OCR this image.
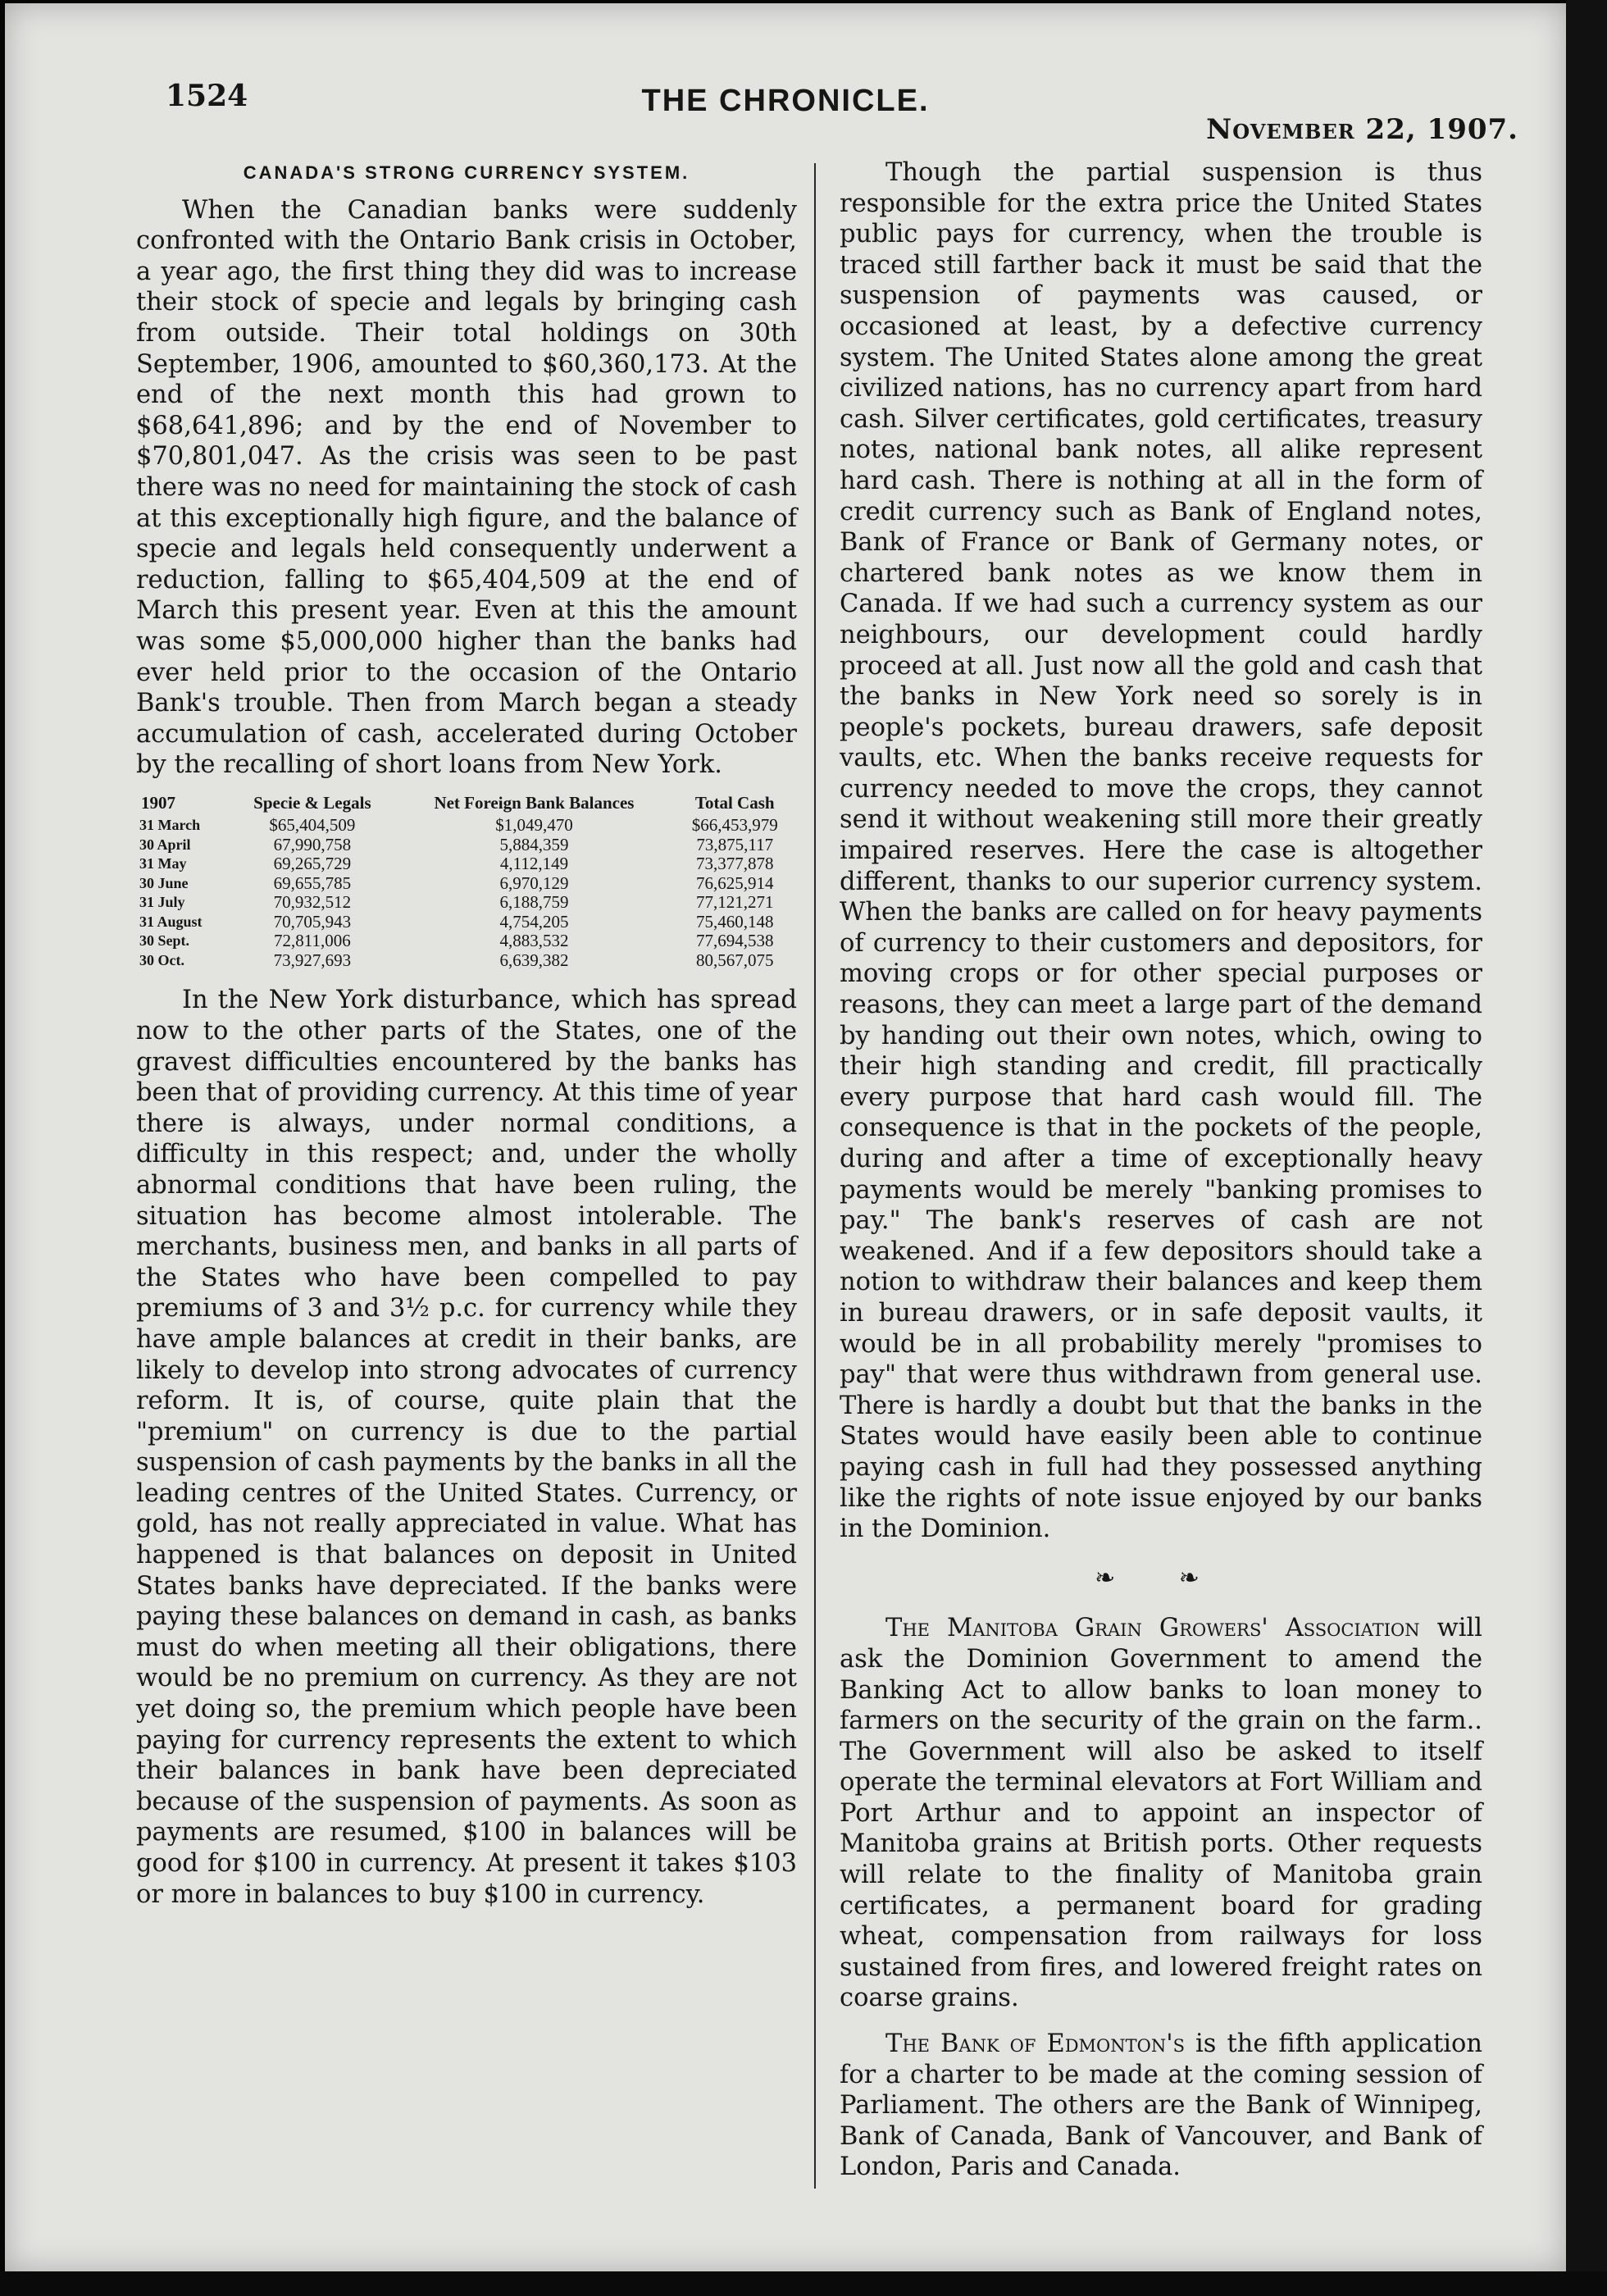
1524	THE CHRONICLE.
November 22, 1907.
CANADA'S STRONG CURRENCY SYSTEM.

When the Canadian banks were suddenly confronted with the Ontario Bank crisis in October, a year ago, the first thing they did was to increase their stock of specie and legals by bringing cash from outside. Their total holdings on 30th September, 1906, amounted to $60,360,173. At the end of the next month this had grown to $68,641,896; and by the end of November to $70,801,047. As the crisis was seen to be past there was no need for maintaining the stock of cash at this exceptionally high figure, and the balance of specie and legals held consequently underwent a reduction, falling to $65,404,509 at the end of March this present year. Even at this the amount was some $5,000,000 higher than the banks had ever held prior to the occasion of the Ontario Bank's trouble. Then from March began a steady accumulation of cash, accelerated during October by the recalling of short loans from New York.

1907	Specie & Legals	Net Foreign Bank Balances	Total Cash
31 March	$65,404,509	$1,049,470	$66,453,979
30 April	67,990,758	5,884,359	73,875,117
31 May	69,265,729	4,112,149	73,377,878
30 June	69,655,785	6,970,129	76,625,914
31 July	70,932,512	6,188,759	77,121,271
31 August	70,705,943	4,754,205	75,460,148
30 Sept.	72,811,006	4,883,532	77,694,538
30 Oct.	73,927,693	6,639,382	80,567,075

In the New York disturbance, which has spread now to the other parts of the States, one of the gravest difficulties encountered by the banks has been that of providing currency. At this time of year there is always, under normal conditions, a difficulty in this respect; and, under the wholly abnormal conditions that have been ruling, the situation has become almost intolerable. The merchants, business men, and banks in all parts of the States who have been compelled to pay premiums of 3 and 3½ p.c. for currency while they have ample balances at credit in their banks, are likely to develop into strong advocates of currency reform. It is, of course, quite plain that the "premium" on currency is due to the partial suspension of cash payments by the banks in all the leading centres of the United States. Currency, or gold, has not really appreciated in value. What has happened is that balances on deposit in United States banks have depreciated. If the banks were paying these balances on demand in cash, as banks must do when meeting all their obligations, there would be no premium on currency. As they are not yet doing so, the premium which people have been paying for currency represents the extent to which their balances in bank have been depreciated because of the suspension of payments. As soon as payments are resumed, $100 in balances will be good for $100 in currency. At present it takes $103 or more in balances to buy $100 in currency.

Though the partial suspension is thus responsible for the extra price the United States public pays for currency, when the trouble is traced still farther back it must be said that the suspension of payments was caused, or occasioned at least, by a defective currency system. The United States alone among the great civilized nations, has no currency apart from hard cash. Silver certificates, gold certificates, treasury notes, national bank notes, all alike represent hard cash. There is nothing at all in the form of credit currency such as Bank of England notes, Bank of France or Bank of Germany notes, or chartered bank notes as we know them in Canada. If we had such a currency system as our neighbours, our development could hardly proceed at all. Just now all the gold and cash that the banks in New York need so sorely is in people's pockets, bureau drawers, safe deposit vaults, etc. When the banks receive requests for currency needed to move the crops, they cannot send it without weakening still more their greatly impaired reserves. Here the case is altogether different, thanks to our superior currency system. When the banks are called on for heavy payments of currency to their customers and depositors, for moving crops or for other special purposes or reasons, they can meet a large part of the demand by handing out their own notes, which, owing to their high standing and credit, fill practically every purpose that hard cash would fill. The consequence is that in the pockets of the people, during and after a time of exceptionally heavy payments would be merely "banking promises to pay." The bank's reserves of cash are not weakened. And if a few depositors should take a notion to withdraw their balances and keep them in bureau drawers, or in safe deposit vaults, it would be in all probability merely "promises to pay" that were thus withdrawn from general use. There is hardly a doubt but that the banks in the States would have easily been able to continue paying cash in full had they possessed anything like the rights of note issue enjoyed by our banks in the Dominion.

❧ ❧

The Manitoba Grain Growers' Association will ask the Dominion Government to amend the Banking Act to allow banks to loan money to farmers on the security of the grain on the farm.. The Government will also be asked to itself operate the terminal elevators at Fort William and Port Arthur and to appoint an inspector of Manitoba grains at British ports. Other requests will relate to the finality of Manitoba grain certificates, a permanent board for grading wheat, compensation from railways for loss sustained from fires, and lowered freight rates on coarse grains.

The Bank of Edmonton's is the fifth application for a charter to be made at the coming session of Parliament. The others are the Bank of Winnipeg, Bank of Canada, Bank of Vancouver, and Bank of London, Paris and Canada.
